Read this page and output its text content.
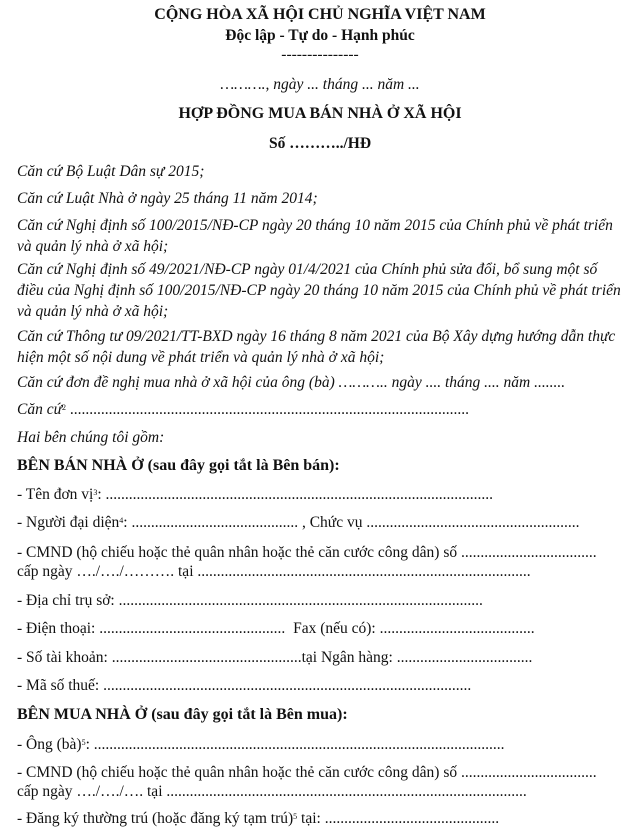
CỘNG HÒA XÃ HỘI CHỦ NGHĨA VIỆT NAM
Độc lập - Tự do - Hạnh phúc
---------------
………., ngày ... tháng ... năm ...
HỢP ĐỒNG MUA BÁN NHÀ Ở XÃ HỘI
Số ………../HĐ
Căn cứ Bộ Luật Dân sự 2015;
Căn cứ Luật Nhà ở ngày 25 tháng 11 năm 2014;
Căn cứ Nghị định số 100/2015/NĐ-CP ngày 20 tháng 10 năm 2015 của Chính phủ về phát triển
và quản lý nhà ở xã hội;
Căn cứ Nghị định số 49/2021/NĐ-CP ngày 01/4/2021 của Chính phủ sửa đổi, bổ sung một số
điều của Nghị định số 100/2015/NĐ-CP ngày 20 tháng 10 năm 2015 của Chính phủ về phát triển
và quản lý nhà ở xã hội;
Căn cứ Thông tư 09/2021/TT-BXD ngày 16 tháng 8 năm 2021 của Bộ Xây dựng hướng dẫn thực
hiện một số nội dung về phát triển và quản lý nhà ở xã hội;
Căn cứ đơn đề nghị mua nhà ở xã hội của ông (bà) ……….. ngày .... tháng .... năm ........
Căn cứ$^2$ .......................................................................................................
Hai bên chúng tôi gồm:
BÊN BÁN NHÀ Ở (sau đây gọi tắt là Bên bán):
- Tên đơn vị$^3$: ....................................................................................................
- Người đại diện$^4$: ........................................... , Chức vụ .......................................................
- CMND (hộ chiếu hoặc thẻ quân nhân hoặc thẻ căn cước công dân) số ...................................
cấp ngày …./…./………. tại ......................................................................................
- Địa chỉ trụ sở: ..............................................................................................
- Điện thoại: ................................................ Fax (nếu có): ........................................
- Số tài khoản: .................................................tại Ngân hàng: ...................................
- Mã số thuế: ...............................................................................................
BÊN MUA NHÀ Ở (sau đây gọi tắt là Bên mua):
- Ông (bà)$^5$: ..........................................................................................................
- CMND (hộ chiếu hoặc thẻ quân nhân hoặc thẻ căn cước công dân) số ...................................
cấp ngày …./…./…. tại .............................................................................................
- Đăng ký thường trú (hoặc đăng ký tạm trú)$^5$ tại: .............................................
